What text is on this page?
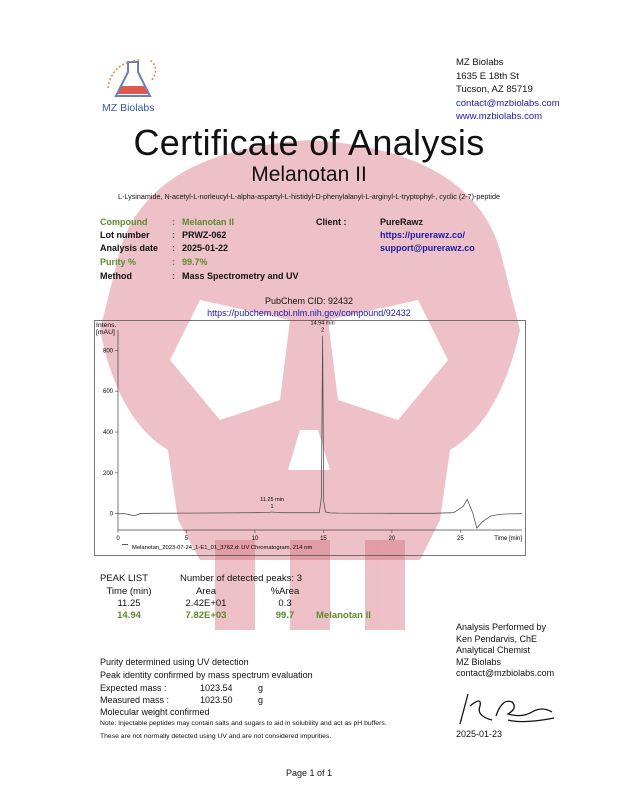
MZ Biolabs
MZ Biolabs
1635 E 18th St
Tucson, AZ 85719
contact@mzbiolabs.com
www.mzbiolabs.com
Certificate of Analysis
Melanotan II
L-Lysinamide, N-acetyl-L-norleucyl-L-alpha-aspartyl-L-histidyl-D-phenylalanyl-L-arginyl-L-tryptophyl-, cyclic (2-7)-peptide
Compound	: Melanotan II
Lot number	: PRWZ-062
Analysis date : 2025-01-22
Purity %	: 99.7%
Method	: Mass Spectrometry and UV
Client :	PureRawz
https://purerawz.co/
support@purerawz.co
PubChem CID: 92432
https://pubchem.ncbi.nlm.nih.gov/compound/92432
Intens.
[mAU]
Time [min]
0	5	10	15	20	25
0
200
400
600
800
14.94 min
2
11.25 min
1
Melanotan_2023-07-24_1-E1_01_3762.d: UV Chromatogram, 214 nm
PEAK LIST	Number of detected peaks: 3
Time (min)	Area	%Area	
11.25	2.42E+01	0.3	
14.94	7.82E+03	99.7	Melanotan II
Purity determined using UV detection
Peak identity confirmed by mass spectrum evaluation
Expected mass :	1023.54	g
Measured mass :	1023.50	g
Molecular weight confirmed
Note: Injectable peptides may contain salts and sugars to aid in solubility and act as pH buffers.
These are not normally detected using UV and are not considered impurities.
Analysis Performed by
Ken Pendarvis, ChE
Analytical Chemist
MZ Biolabs
contact@mzbiolabs.com
2025-01-23
Page 1 of 1
